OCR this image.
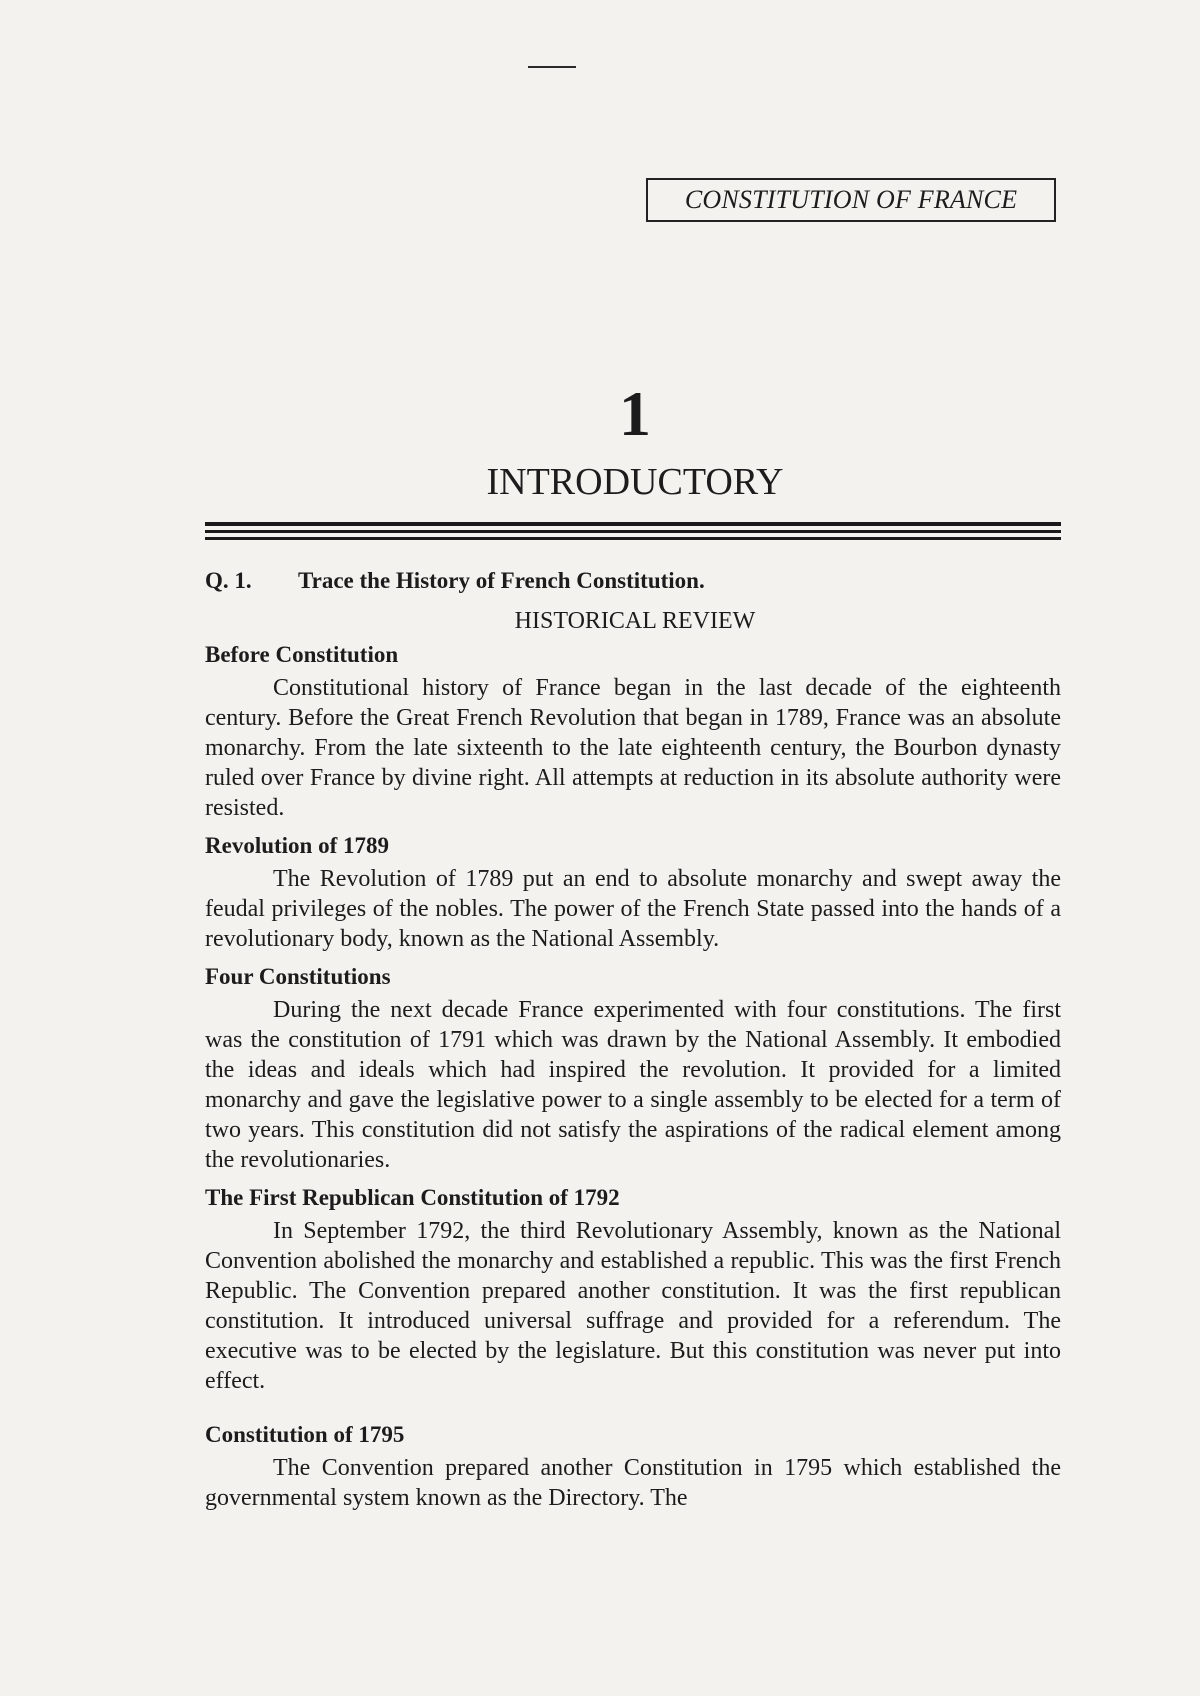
CONSTITUTION OF FRANCE
1
INTRODUCTORY
Q. 1. Trace the History of French Constitution.
HISTORICAL REVIEW
Before Constitution

Constitutional history of France began in the last decade of the eighteenth century. Before the Great French Revolution that began in 1789, France was an absolute monarchy. From the late sixteenth to the late eighteenth century, the Bourbon dynasty ruled over France by divine right. All attempts at reduction in its absolute authority were resisted.

Revolution of 1789

The Revolution of 1789 put an end to absolute monarchy and swept away the feudal privileges of the nobles. The power of the French State passed into the hands of a revolutionary body, known as the National Assembly.

Four Constitutions

During the next decade France experimented with four constitutions. The first was the constitution of 1791 which was drawn by the National Assembly. It embodied the ideas and ideals which had inspired the revolution. It provided for a limited monarchy and gave the legislative power to a single assembly to be elected for a term of two years. This constitution did not satisfy the aspirations of the radical element among the revolutionaries.

The First Republican Constitution of 1792

In September 1792, the third Revolutionary Assembly, known as the National Convention abolished the monarchy and established a republic. This was the first French Republic. The Convention prepared another constitution. It was the first republican constitution. It introduced universal suffrage and provided for a referendum. The executive was to be elected by the legislature. But this constitution was never put into effect.

Constitution of 1795

The Convention prepared another Constitution in 1795 which established the governmental system known as the Directory. The
